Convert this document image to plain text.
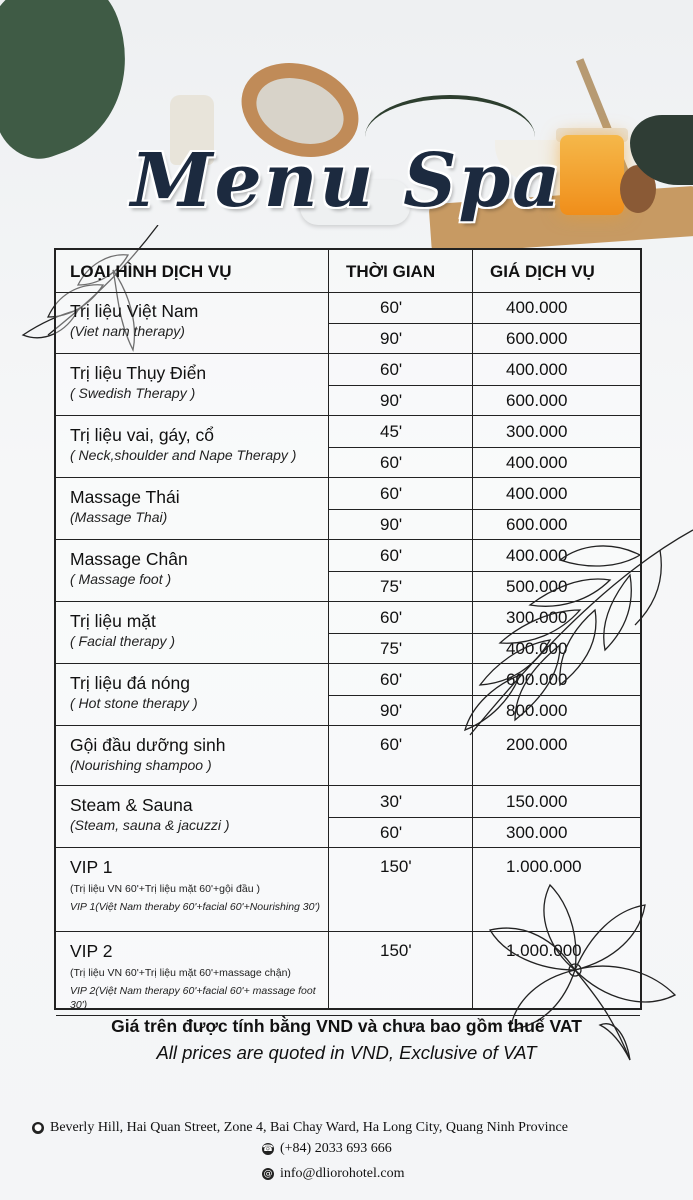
Menu Spa
LOẠI HÌNH DỊCH VỤ	THỜI GIAN	GIÁ DỊCH VỤ
Trị liệu Việt Nam
(Viet nam therapy)
60'	400.000
90'	600.000
Trị liệu Thụy Điển
( Swedish Therapy )
60'	400.000
90'	600.000
Trị liệu vai, gáy, cổ
( Neck,shoulder and Nape Therapy )
45'	300.000
60'	400.000
Massage Thái
(Massage Thai)
60'	400.000
90'	600.000
Massage Chân
( Massage foot )
60'	400.000
75'	500.000
Trị liệu mặt
( Facial therapy )
60'	300.000
75'	400.000
Trị liệu đá nóng
( Hot stone therapy )
60'	600.000
90'	800.000
Gội đầu dưỡng sinh
(Nourishing shampoo )
60'	200.000
Steam & Sauna
(Steam, sauna & jacuzzi )
30'	150.000
60'	300.000
VIP 1
(Trị liệu VN 60'+Trị liệu mặt 60'+gội đầu )
VIP 1(Việt Nam theraby 60'+facial 60'+Nourishing 30')
150'	1.000.000
VIP 2
(Trị liệu VN 60'+Trị liệu mặt 60'+massage chận)
VIP 2(Việt Nam therapy 60'+facial 60'+ massage foot 30')
150'	1.000.000
Giá trên được tính bằng VND và chưa bao gồm thuế VAT
All prices are quoted in VND, Exclusive of VAT
● Beverly Hill, Hai Quan Street, Zone 4, Bai Chay Ward, Ha Long City, Quang Ninh Province
☎ (+84) 2033 693 666
@ info@dliorohotel.com
